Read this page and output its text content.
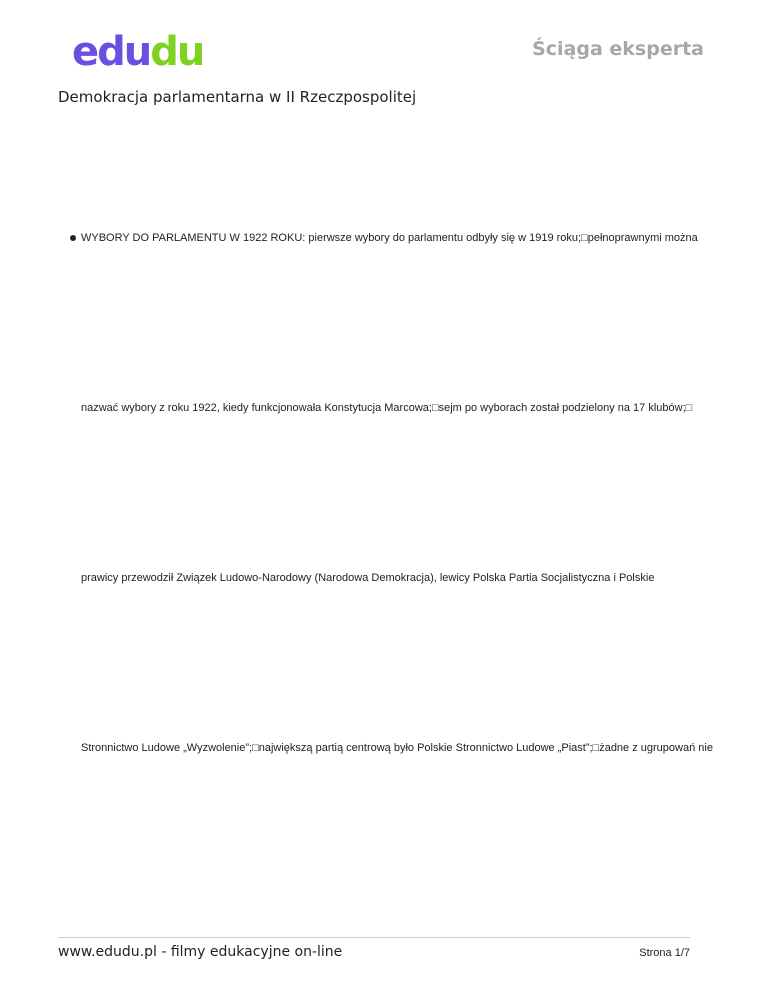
edudu	Ściąga eksperta
Demokracja parlamentarna w II Rzeczpospolitej
WYBORY DO PARLAMENTU W 1922 ROKU: pierwsze wybory do parlamentu odbyły się w 1919 roku;□pełnoprawnymi można
nazwać wybory z roku 1922, kiedy funkcjonowała Konstytucja Marcowa;□sejm po wyborach został podzielony na 17 klubów;□
prawicy przewodził Związek Ludowo-Narodowy (Narodowa Demokracja), lewicy Polska Partia Socjalistyczna i Polskie
Stronnictwo Ludowe „Wyzwolenie”;□największą partią centrową było Polskie Stronnictwo Ludowe „Piast”;□żadne z ugrupowań nie
www.edudu.pl - filmy edukacyjne on-line	Strona 1/7
